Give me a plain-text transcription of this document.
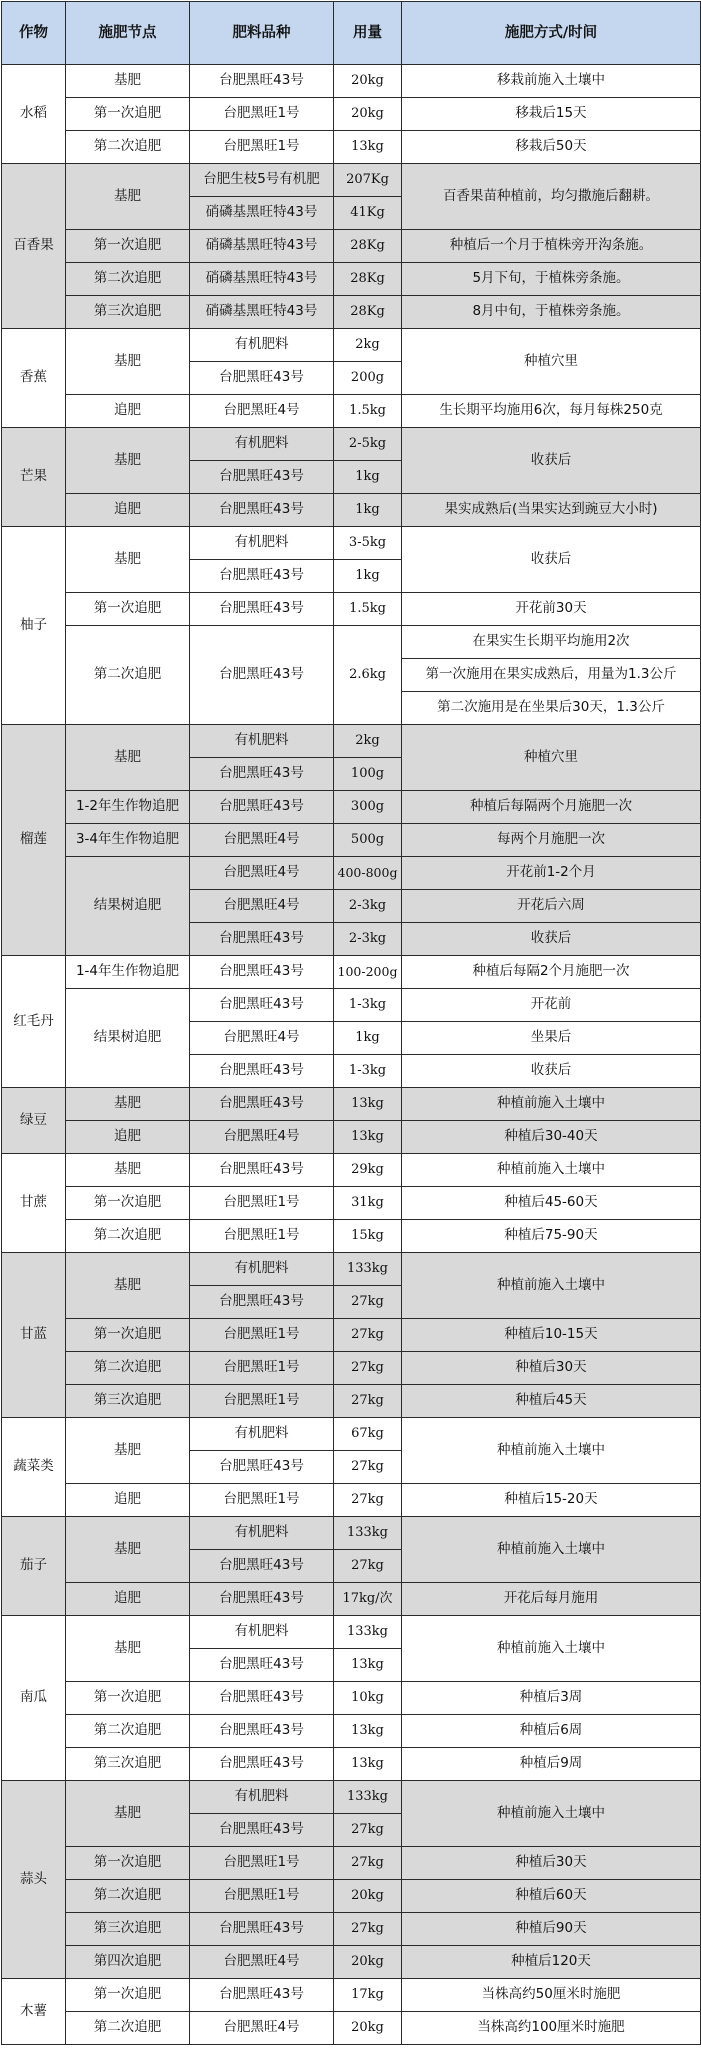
作物	施肥节点	肥料品种	用量	施肥方式/时间
水稻	基肥	台肥黑旺43号	20kg	移栽前施入土壤中
	第一次追肥	台肥黑旺1号	20kg	移栽后15天
	第二次追肥	台肥黑旺1号	13kg	移栽后50天
百香果	基肥	台肥生枝5号有机肥	207Kg	百香果苗种植前，均匀撒施后翻耕。
		硝磷基黑旺特43号	41Kg	
	第一次追肥	硝磷基黑旺特43号	28Kg	种植后一个月于植株旁开沟条施。
	第二次追肥	硝磷基黑旺特43号	28Kg	5月下旬，于植株旁条施。
	第三次追肥	硝磷基黑旺特43号	28Kg	8月中旬，于植株旁条施。
香蕉	基肥	有机肥料	2kg	种植穴里
		台肥黑旺43号	200g	
	追肥	台肥黑旺4号	1.5kg	生长期平均施用6次，每月每株250克
芒果	基肥	有机肥料	2-5kg	收获后
		台肥黑旺43号	1kg	
	追肥	台肥黑旺43号	1kg	果实成熟后(当果实达到豌豆大小时)
柚子	基肥	有机肥料	3-5kg	收获后
		台肥黑旺43号	1kg	
	第一次追肥	台肥黑旺43号	1.5kg	开花前30天
	第二次追肥	台肥黑旺43号	2.6kg	在果实生长期平均施用2次
				第一次施用在果实成熟后，用量为1.3公斤
				第二次施用是在坐果后30天，1.3公斤
榴莲	基肥	有机肥料	2kg	种植穴里
		台肥黑旺43号	100g	
	1-2年生作物追肥	台肥黑旺43号	300g	种植后每隔两个月施肥一次
	3-4年生作物追肥	台肥黑旺4号	500g	每两个月施肥一次
	结果树追肥	台肥黑旺4号	400-800g	开花前1-2个月
		台肥黑旺4号	2-3kg	开花后六周
		台肥黑旺43号	2-3kg	收获后
红毛丹	1-4年生作物追肥	台肥黑旺43号	100-200g	种植后每隔2个月施肥一次
	结果树追肥	台肥黑旺43号	1-3kg	开花前
		台肥黑旺4号	1kg	坐果后
		台肥黑旺43号	1-3kg	收获后
绿豆	基肥	台肥黑旺43号	13kg	种植前施入土壤中
	追肥	台肥黑旺4号	13kg	种植后30-40天
甘蔗	基肥	台肥黑旺43号	29kg	种植前施入土壤中
	第一次追肥	台肥黑旺1号	31kg	种植后45-60天
	第二次追肥	台肥黑旺1号	15kg	种植后75-90天
甘蓝	基肥	有机肥料	133kg	种植前施入土壤中
		台肥黑旺43号	27kg	
	第一次追肥	台肥黑旺1号	27kg	种植后10-15天
	第二次追肥	台肥黑旺1号	27kg	种植后30天
	第三次追肥	台肥黑旺1号	27kg	种植后45天
蔬菜类	基肥	有机肥料	67kg	种植前施入土壤中
		台肥黑旺43号	27kg	
	追肥	台肥黑旺1号	27kg	种植后15-20天
茄子	基肥	有机肥料	133kg	种植前施入土壤中
		台肥黑旺43号	27kg	
	追肥	台肥黑旺43号	17kg/次	开花后每月施用
南瓜	基肥	有机肥料	133kg	种植前施入土壤中
		台肥黑旺43号	13kg	
	第一次追肥	台肥黑旺43号	10kg	种植后3周
	第二次追肥	台肥黑旺43号	13kg	种植后6周
	第三次追肥	台肥黑旺43号	13kg	种植后9周
蒜头	基肥	有机肥料	133kg	种植前施入土壤中
		台肥黑旺43号	27kg	
	第一次追肥	台肥黑旺1号	27kg	种植后30天
	第二次追肥	台肥黑旺1号	20kg	种植后60天
	第三次追肥	台肥黑旺43号	27kg	种植后90天
	第四次追肥	台肥黑旺4号	20kg	种植后120天
木薯	第一次追肥	台肥黑旺43号	17kg	当株高约50厘米时施肥
	第二次追肥	台肥黑旺4号	20kg	当株高约100厘米时施肥
